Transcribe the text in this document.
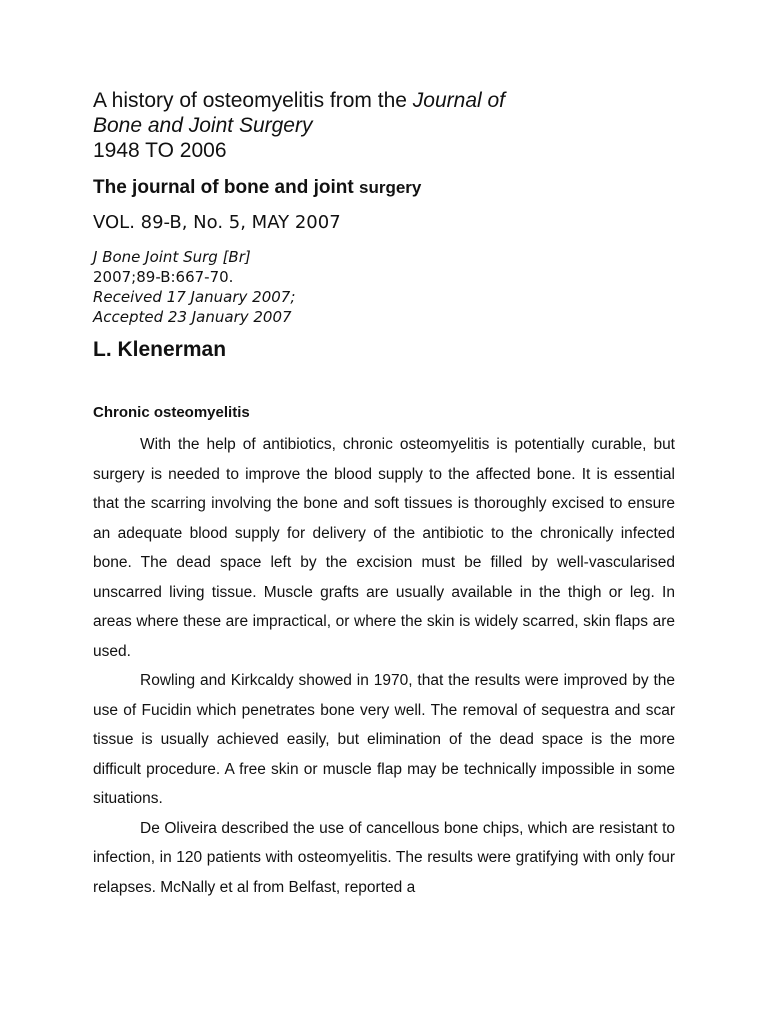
A history of osteomyelitis from the Journal of

Bone and Joint Surgery

1948 TO 2006

The journal of bone and joint surgery
VOL. 89-B, No. 5, MAY 2007
J Bone Joint Surg [Br]
2007;89-B:667-70.
Received 17 January 2007;
Accepted 23 January 2007
L. Klenerman
Chronic osteomyelitis

With the help of antibiotics, chronic osteomyelitis is potentially curable, but surgery is needed to improve the blood supply to the affected bone. It is essential that the scarring involving the bone and soft tissues is thoroughly excised to ensure an adequate blood supply for delivery of the antibiotic to the chronically infected bone. The dead space left by the excision must be filled by well-vascularised unscarred living tissue. Muscle grafts are usually available in the thigh or leg. In areas where these are impractical, or where the skin is widely scarred, skin flaps are used.

Rowling and Kirkcaldy showed in 1970, that the results were improved by the use of Fucidin which penetrates bone very well. The removal of sequestra and scar tissue is usually achieved easily, but elimination of the dead space is the more difficult procedure. A free skin or muscle flap may be technically impossible in some situations.

De Oliveira described the use of cancellous bone chips, which are resistant to infection, in 120 patients with osteomyelitis. The results were gratifying with only four relapses. McNally et al from Belfast, reported a
